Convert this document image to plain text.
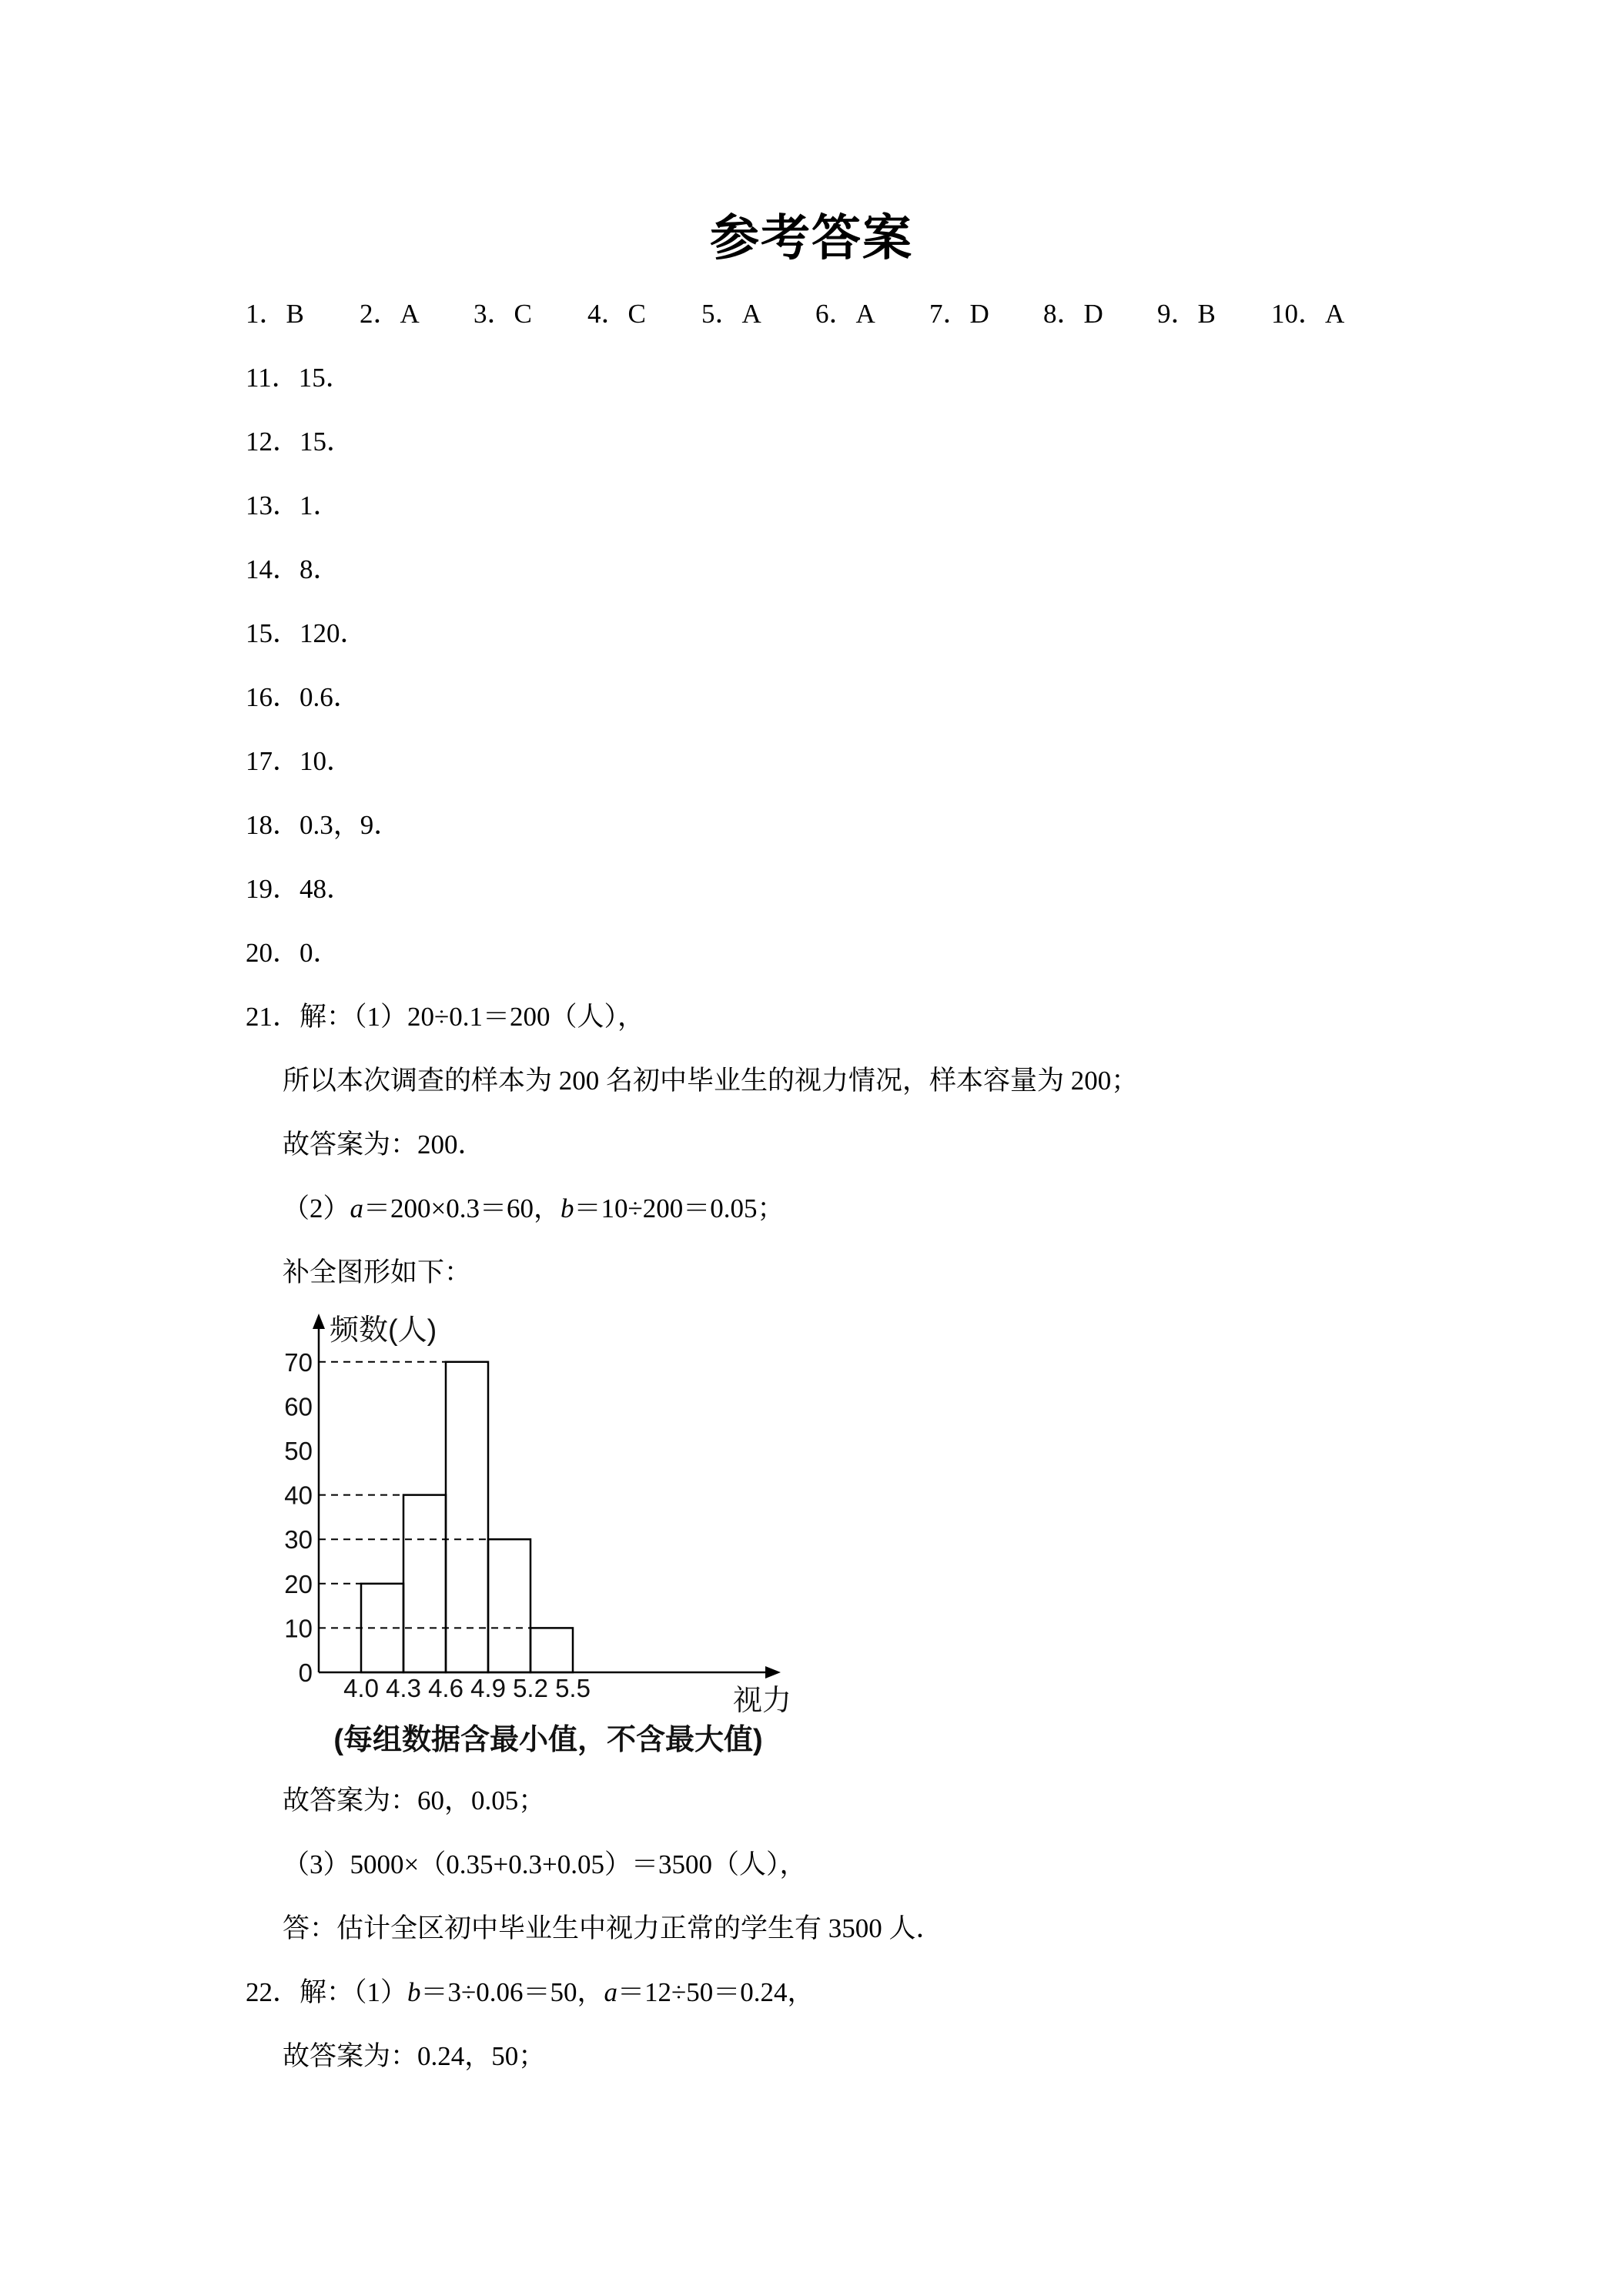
参考答案
1．B	2．A	3．C	4．C	5．A	6．A	7．D	8．D	9．B	10．A
11．15．
12．15．
13．1．
14．8．
15．120．
16．0.6．
17．10．
18．0.3，9．
19．48．
20．0．
21．解：（1）20÷0.1＝200（人），
所以本次调查的样本为 200 名初中毕业生的视力情况，样本容量为 200；
故答案为：200．
（2）a＝200×0.3＝60，b＝10÷200＝0.05；
补全图形如下：
频数(人)
视力
(每组数据含最小值，不含最大值)
0
10
20
30
40
50
60
70
4.0 4.3 4.6 4.9 5.2 5.5
故答案为：60，0.05；
（3）5000×（0.35+0.3+0.05）＝3500（人），
答：估计全区初中毕业生中视力正常的学生有 3500 人．
22．解：（1）b＝3÷0.06＝50，a＝12÷50＝0.24，
故答案为：0.24，50；
